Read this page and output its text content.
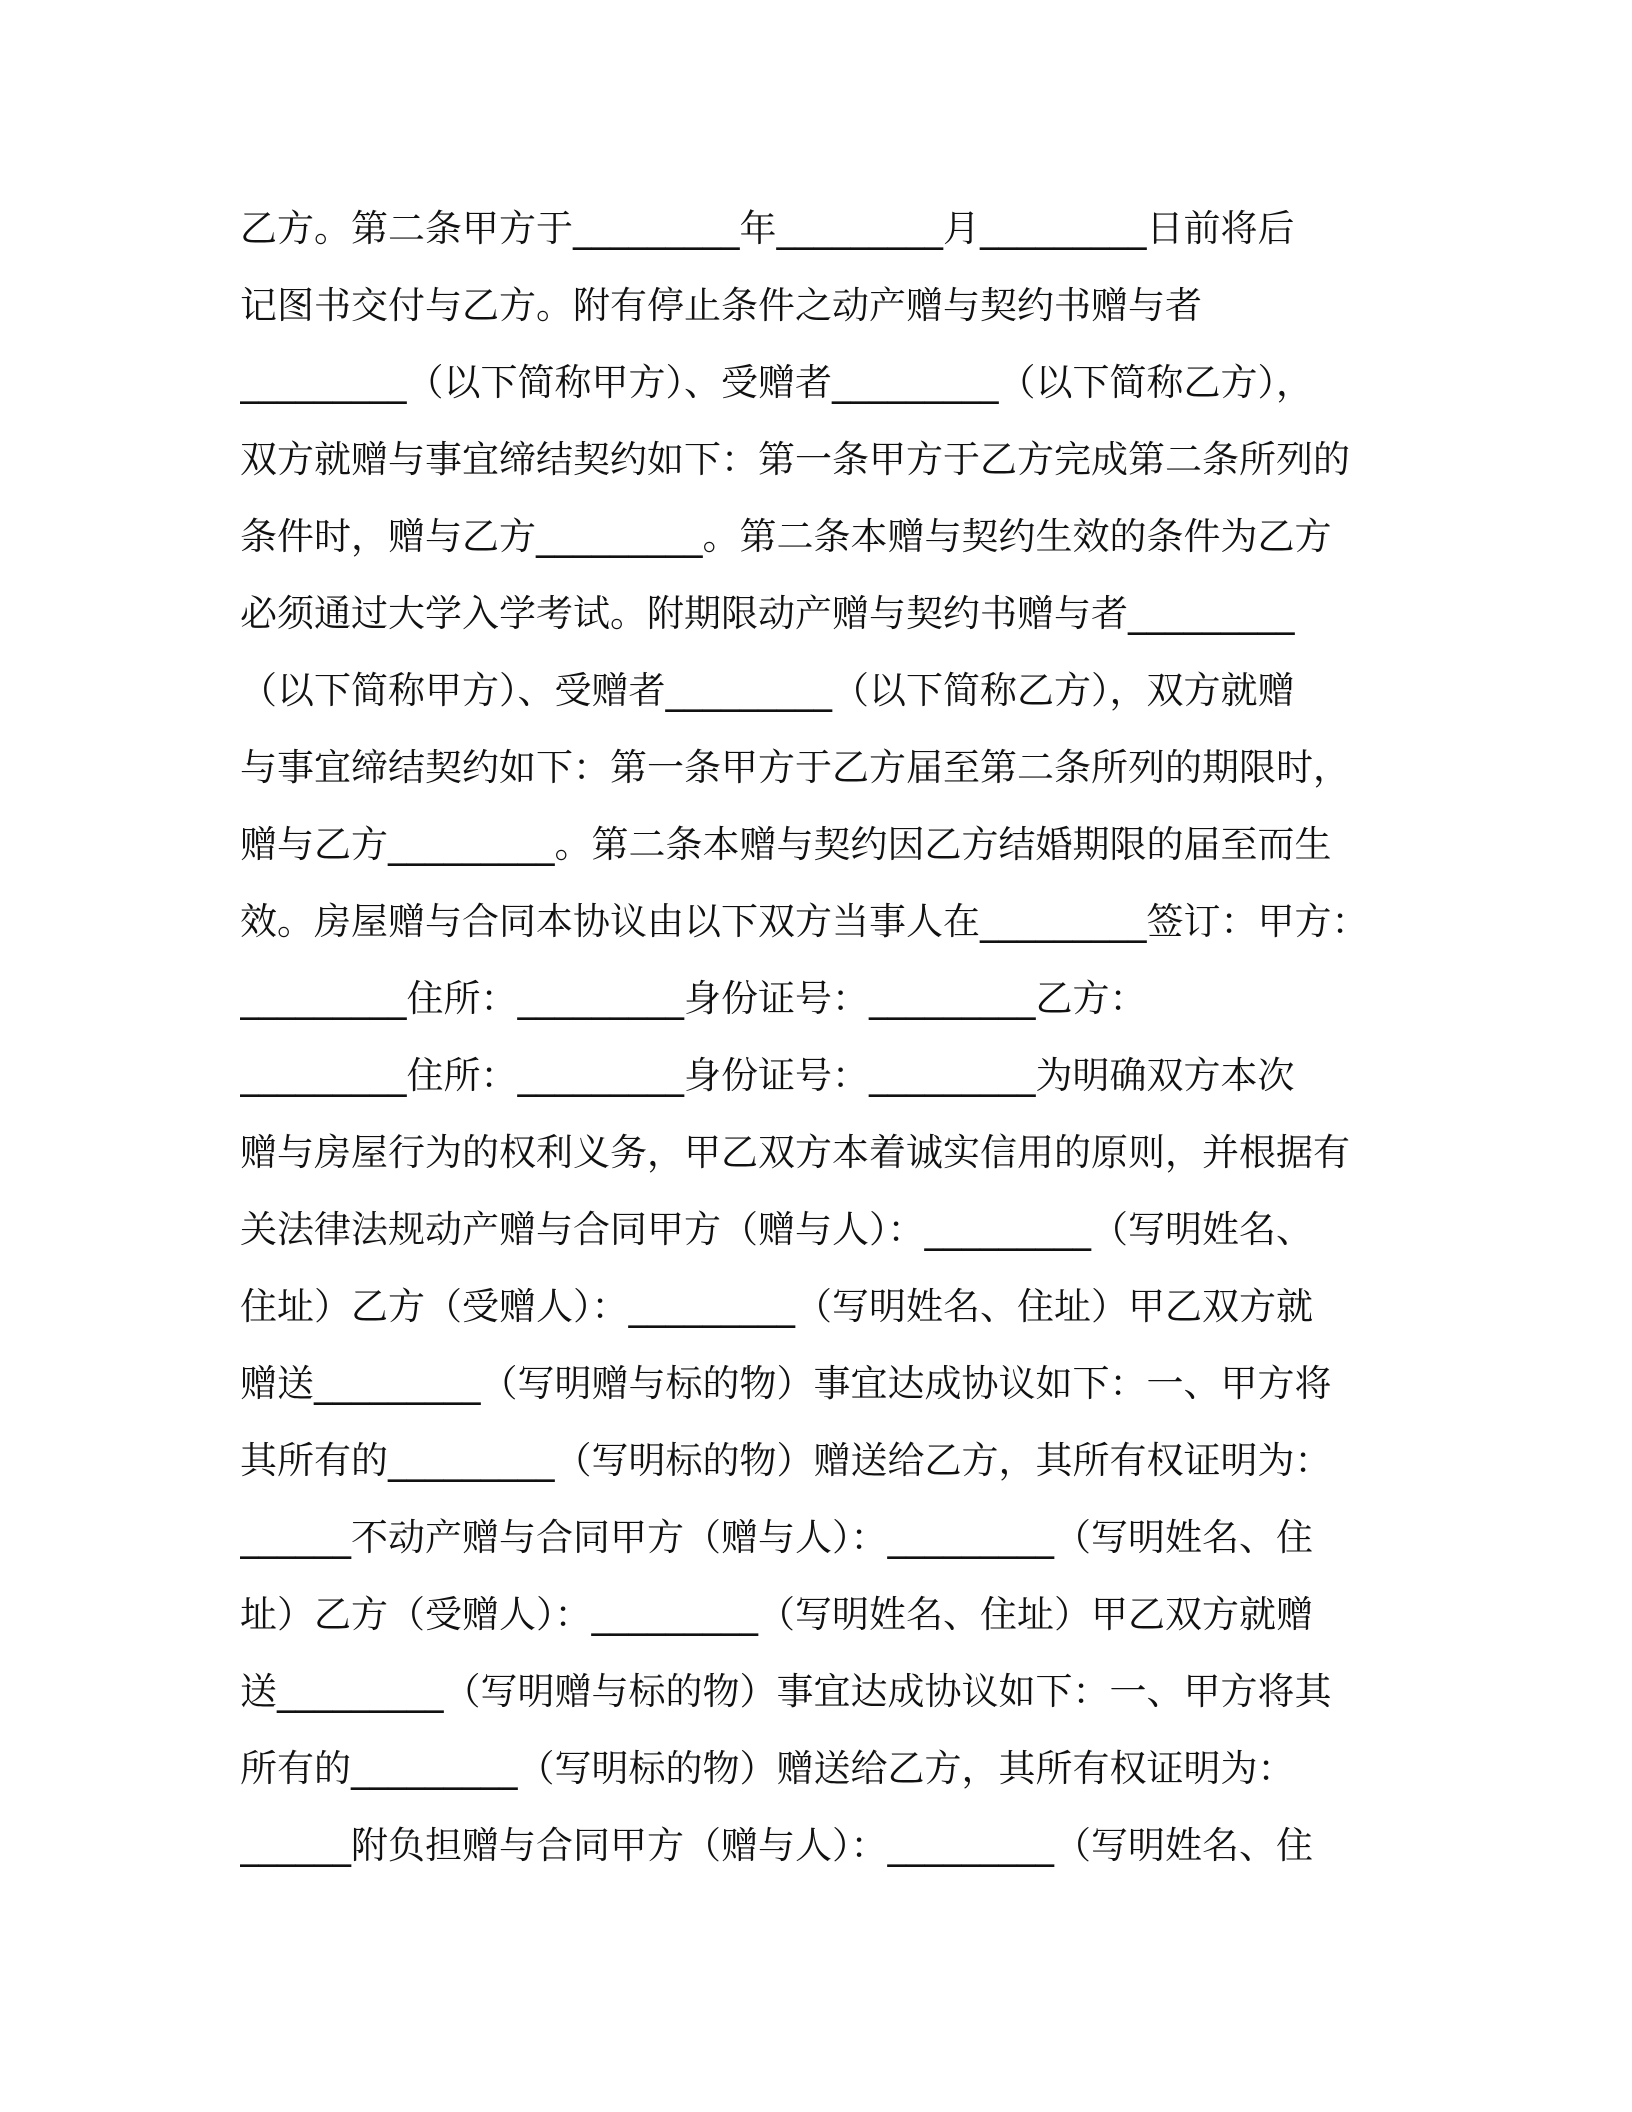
乙方。第二条甲方于_________年_________月_________日前将后
记图书交付与乙方。附有停止条件之动产赠与契约书赠与者
_________（以下简称甲方）、受赠者_________（以下简称乙方），
双方就赠与事宜缔结契约如下：第一条甲方于乙方完成第二条所列的
条件时，赠与乙方_________。第二条本赠与契约生效的条件为乙方
必须通过大学入学考试。附期限动产赠与契约书赠与者_________
（以下简称甲方）、受赠者_________（以下简称乙方），双方就赠
与事宜缔结契约如下：第一条甲方于乙方届至第二条所列的期限时，
赠与乙方_________。第二条本赠与契约因乙方结婚期限的届至而生
效。房屋赠与合同本协议由以下双方当事人在_________签订：甲方：
_________住所：_________身份证号：_________乙方：
_________住所：_________身份证号：_________为明确双方本次
赠与房屋行为的权利义务，甲乙双方本着诚实信用的原则，并根据有
关法律法规动产赠与合同甲方（赠与人）：_________（写明姓名、
住址）乙方（受赠人）：_________（写明姓名、住址）甲乙双方就
赠送_________（写明赠与标的物）事宜达成协议如下：一、甲方将
其所有的_________（写明标的物）赠送给乙方，其所有权证明为：
______不动产赠与合同甲方（赠与人）：_________（写明姓名、住
址）乙方（受赠人）：_________（写明姓名、住址）甲乙双方就赠
送_________（写明赠与标的物）事宜达成协议如下：一、甲方将其
所有的_________（写明标的物）赠送给乙方，其所有权证明为：
______附负担赠与合同甲方（赠与人）：_________（写明姓名、住
